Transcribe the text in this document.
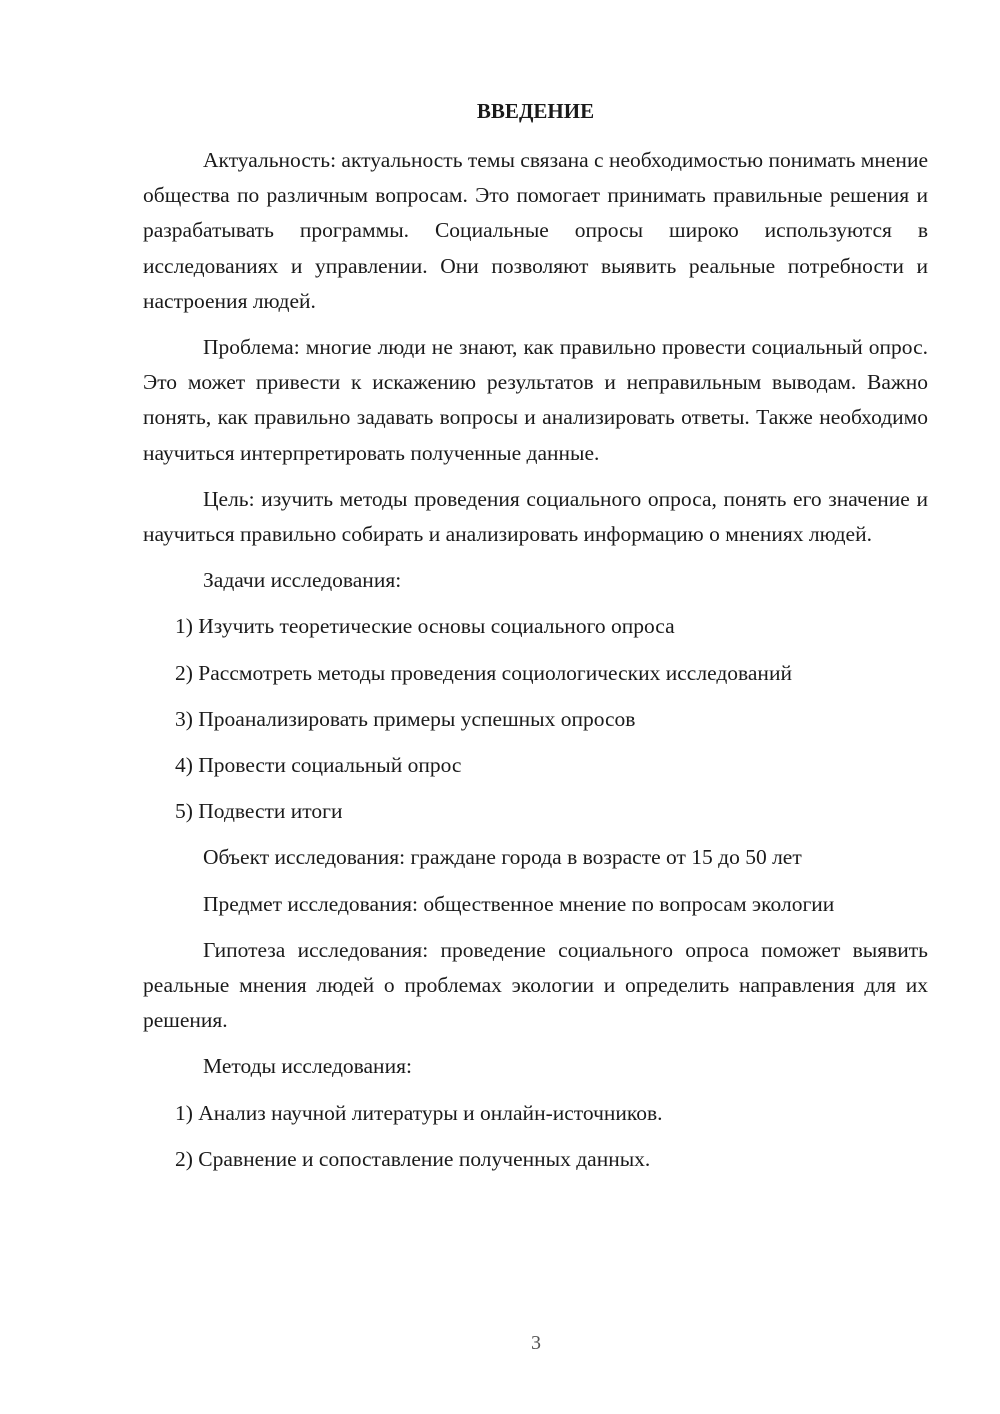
ВВЕДЕНИЕ

Актуальность: актуальность темы связана с необходимостью понимать мнение общества по различным вопросам. Это помогает принимать правильные решения и разрабатывать программы. Социальные опросы широко используются в исследованиях и управлении. Они позволяют выявить реальные потребности и настроения людей.

Проблема: многие люди не знают, как правильно провести социальный опрос. Это может привести к искажению результатов и неправильным выводам. Важно понять, как правильно задавать вопросы и анализировать ответы. Также необходимо научиться интерпретировать полученные данные.

Цель: изучить методы проведения социального опроса, понять его значение и научиться правильно собирать и анализировать информацию о мнениях людей.

Задачи исследования:

1) Изучить теоретические основы социального опроса

2) Рассмотреть методы проведения социологических исследований

3) Проанализировать примеры успешных опросов

4) Провести социальный опрос

5) Подвести итоги

Объект исследования: граждане города в возрасте от 15 до 50 лет

Предмет исследования: общественное мнение по вопросам экологии

Гипотеза исследования: проведение социального опроса поможет выявить реальные мнения людей о проблемах экологии и определить направления для их решения.

Методы исследования:

1) Анализ научной литературы и онлайн-источников.

2) Сравнение и сопоставление полученных данных.

3
